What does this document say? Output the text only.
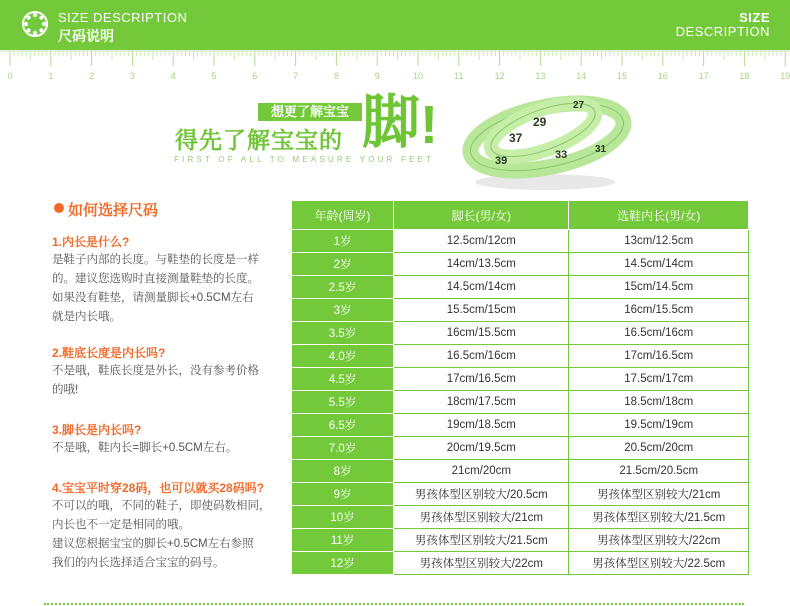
SIZE DESCRIPTION
尺码说明
SIZE
DESCRIPTION
0	1	2	3	4	5	6	7	8	9	10	11	12	13	14	15	16	17	18	19
想更了解宝宝
得先了解宝宝的 脚 !
FIRST OF ALL TO MEASURE YOUR FEET
29
37
33
39
27
31
如何选择尺码
1.内长是什么?
是鞋子内部的长度。与鞋垫的长度是一样
的。建议您选购时直接测量鞋垫的长度。
如果没有鞋垫，请测量脚长+0.5CM左右
就是内长哦。
2.鞋底长度是内长吗?
不是哦，鞋底长度是外长，没有参考价格
的哦!
3.脚长是内长吗?
不是哦，鞋内长=脚长+0.5CM左右。
4.宝宝平时穿28码，也可以就买28码吗?
不可以的哦，不同的鞋子，即使码数相同，
内长也不一定是相同的哦。
建议您根据宝宝的脚长+0.5CM左右参照
我们的内长选择适合宝宝的码号。
年龄(周岁)	脚长(男/女)	选鞋内长(男/女)
1岁	12.5cm/12cm	13cm/12.5cm
2岁	14cm/13.5cm	14.5cm/14cm
2.5岁	14.5cm/14cm	15cm/14.5cm
3岁	15.5cm/15cm	16cm/15.5cm
3.5岁	16cm/15.5cm	16.5cm/16cm
4.0岁	16.5cm/16cm	17cm/16.5cm
4.5岁	17cm/16.5cm	17.5cm/17cm
5.5岁	18cm/17.5cm	18.5cm/18cm
6.5岁	19cm/18.5cm	19.5cm/19cm
7.0岁	20cm/19.5cm	20.5cm/20cm
8岁	21cm/20cm	21.5cm/20.5cm
9岁	男孩体型区别较大/20.5cm	男孩体型区别较大/21cm
10岁	男孩体型区别较大/21cm	男孩体型区别较大/21.5cm
11岁	男孩体型区别较大/21.5cm	男孩体型区别较大/22cm
12岁	男孩体型区别较大/22cm	男孩体型区别较大/22.5cm
